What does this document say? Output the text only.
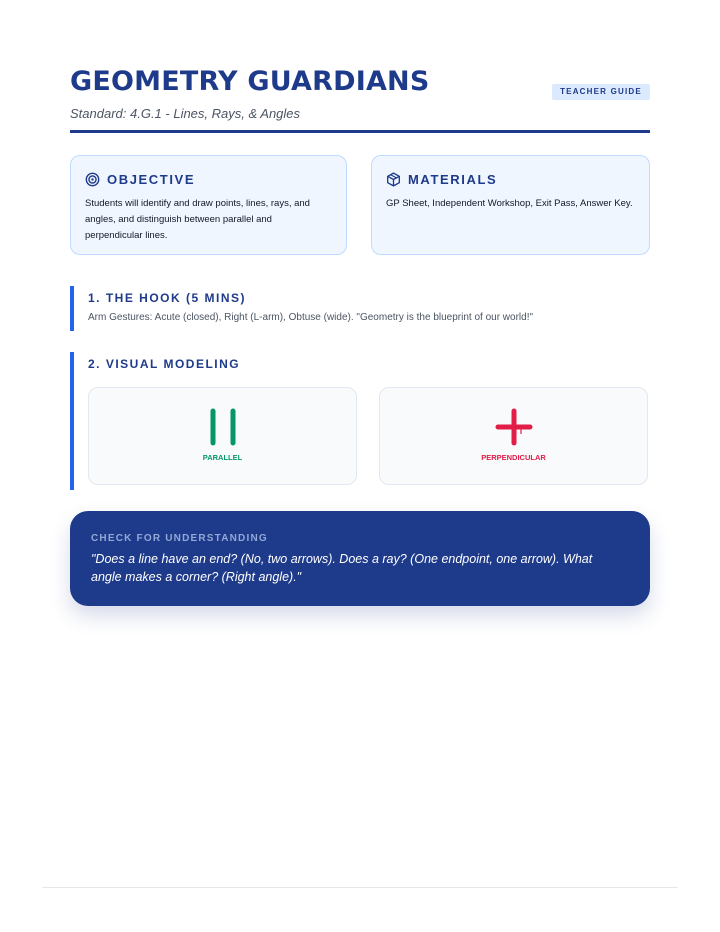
GEOMETRY GUARDIANS

Standard: 4.G.1 - Lines, Rays, & Angles

TEACHER GUIDE
OBJECTIVE
Students will identify and draw points, lines, rays, and angles, and distinguish between parallel and perpendicular lines.
MATERIALS
GP Sheet, Independent Workshop, Exit Pass, Answer Key.
1. THE HOOK (5 MINS)
Arm Gestures: Acute (closed), Right (L-arm), Obtuse (wide). "Geometry is the blueprint of our world!"
2. VISUAL MODELING
PARALLEL	PERPENDICULAR
CHECK FOR UNDERSTANDING
"Does a line have an end? (No, two arrows). Does a ray? (One endpoint, one arrow). What angle makes a corner? (Right angle)."
